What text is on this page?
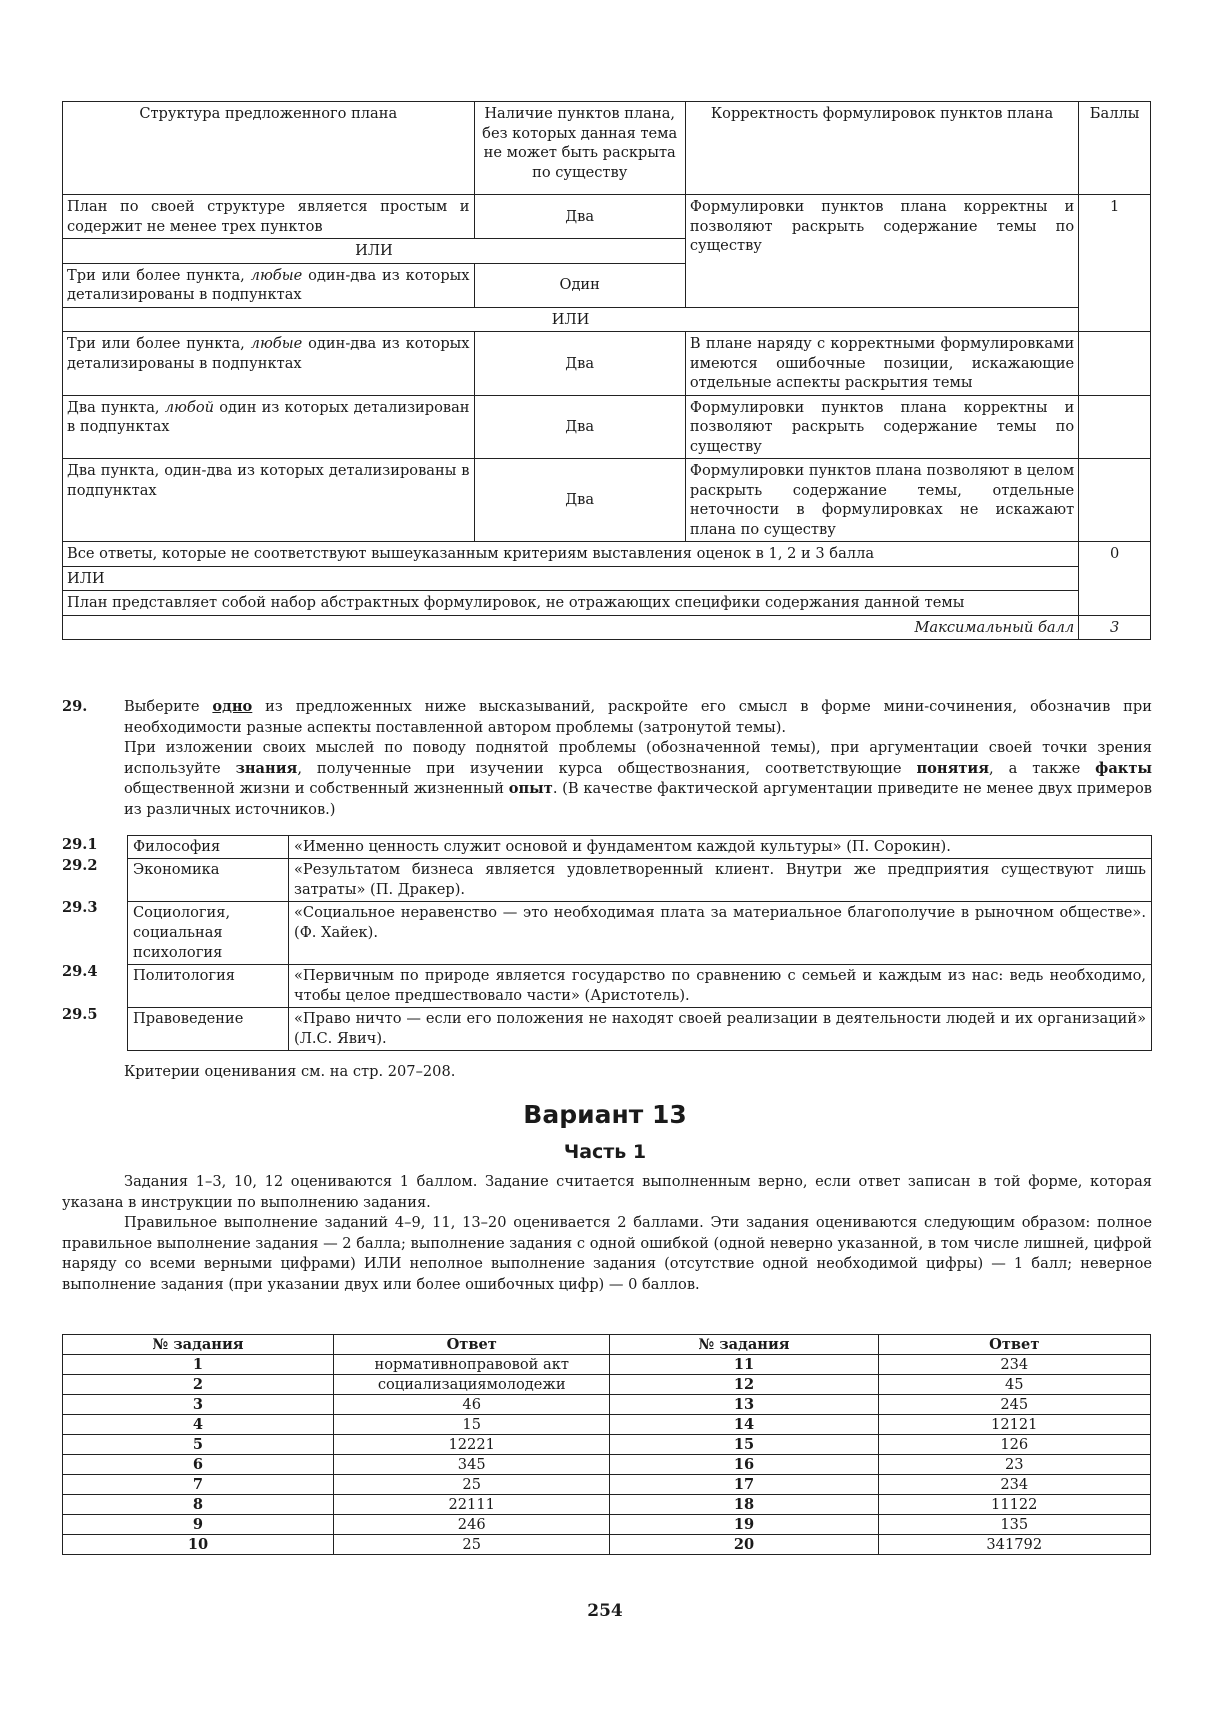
Структура предложенного плана	Наличие пунктов плана, без которых данная тема не может быть раскрыта по существу	Корректность формулировок пунктов плана	Баллы
План по своей структуре является простым и содержит не менее трех пунктов	Два	Формулировки пунктов плана корректны и позволяют раскрыть содержание темы по существу	1
ИЛИ			
Три или более пункта, любые один-два из которых детализированы в подпунктах	Один		
ИЛИ			
Три или более пункта, любые один-два из которых детализированы в подпунктах	Два	В плане наряду с корректными формулировками имеются ошибочные позиции, искажающие отдельные аспекты раскрытия темы	
Два пункта, любой один из которых детализирован в подпунктах	Два	Формулировки пунктов плана корректны и позволяют раскрыть содержание темы по существу	
Два пункта, один-два из которых детализированы в подпунктах	Два	Формулировки пунктов плана позволяют в целом раскрыть содержание темы, отдельные неточности в формулировках не искажают плана по существу	
Все ответы, которые не соответствуют вышеуказанным критериям выставления оценок в 1, 2 и 3 балла			0
ИЛИ			
План представляет собой набор абстрактных формулировок, не отражающих специфики содержания данной темы			
Максимальный балл			3
29.	Выберите одно из предложенных ниже высказываний, раскройте его смысл в форме мини-сочинения, обозначив при необходимости разные аспекты поставленной автором проблемы (затронутой темы).

При изложении своих мыслей по поводу поднятой проблемы (обозначенной темы), при аргументации своей точки зрения используйте знания, полученные при изучении курса обществознания, соответствующие понятия, а также факты общественной жизни и собственный жизненный опыт. (В качестве фактической аргументации приведите не менее двух примеров из различных источников.)

29.1
29.2
29.3
29.4
29.5
Философия	«Именно ценность служит основой и фундаментом каждой культуры» (П. Сорокин).
Экономика	«Результатом бизнеса является удовлетворенный клиент. Внутри же предприятия существуют лишь затраты» (П. Дракер).
Социология, социальная психология	«Социальное неравенство — это необходимая плата за материальное благополучие в рыночном обществе». (Ф. Хайек).
Политология	«Первичным по природе является государство по сравнению с семьей и каждым из нас: ведь необходимо, чтобы целое предшествовало части» (Аристотель).
Правоведение	«Право ничто — если его положения не находят своей реализации в деятельности людей и их организаций» (Л.С. Явич).
Критерии оценивания см. на стр. 207–208.
Вариант 13
Часть 1

Задания 1–3, 10, 12 оцениваются 1 баллом. Задание считается выполненным верно, если ответ записан в той форме, которая указана в инструкции по выполнению задания.

Правильное выполнение заданий 4–9, 11, 13–20 оценивается 2 баллами. Эти задания оцениваются следующим образом: полное правильное выполнение задания — 2 балла; выполнение задания с одной ошибкой (одной неверно указанной, в том числе лишней, цифрой наряду со всеми верными цифрами) ИЛИ неполное выполнение задания (отсутствие одной необходимой цифры) — 1 балл; неверное выполнение задания (при указании двух или более ошибочных цифр) — 0 баллов.

№ задания	Ответ	№ задания	Ответ
1	нормативноправовой акт	11	234
2	социализациямолодежи	12	45
3	46	13	245
4	15	14	12121
5	12221	15	126
6	345	16	23
7	25	17	234
8	22111	18	11122
9	246	19	135
10	25	20	341792
254
